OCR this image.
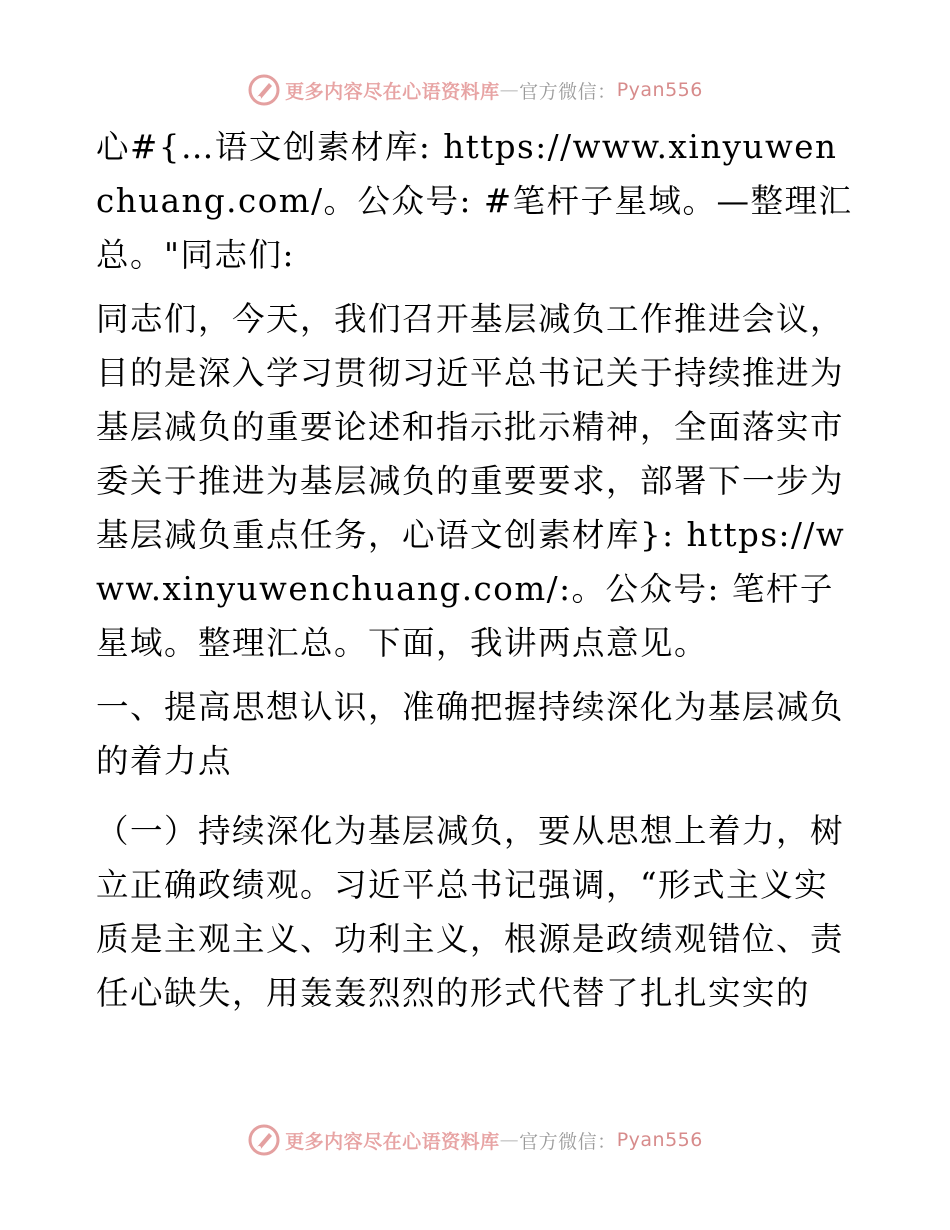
更多内容尽在心语资料库 — 官方微信： Pyan556

心#{…语文创素材库: https://www.xinyuwenchuang.com/。公众号: #笔杆子星域。—整理汇总。"同志们:

同志们，今天，我们召开基层减负工作推进会议，目的是深入学习贯彻习近平总书记关于持续推进为基层减负的重要论述和指示批示精神，全面落实市委关于推进为基层减负的重要要求，部署下一步为基层减负重点任务，心语文创素材库}: https://www.xinyuwenchuang.com/:。公众号: 笔杆子星域。整理汇总。下面，我讲两点意见。

一、提高思想认识，准确把握持续深化为基层减负的着力点

（一）持续深化为基层减负，要从思想上着力，树立正确政绩观。习近平总书记强调，“形式主义实质是主观主义、功利主义，根源是政绩观错位、责任心缺失，用轰轰烈烈的形式代替了扎扎实实的

更多内容尽在心语资料库 — 官方微信： Pyan556
